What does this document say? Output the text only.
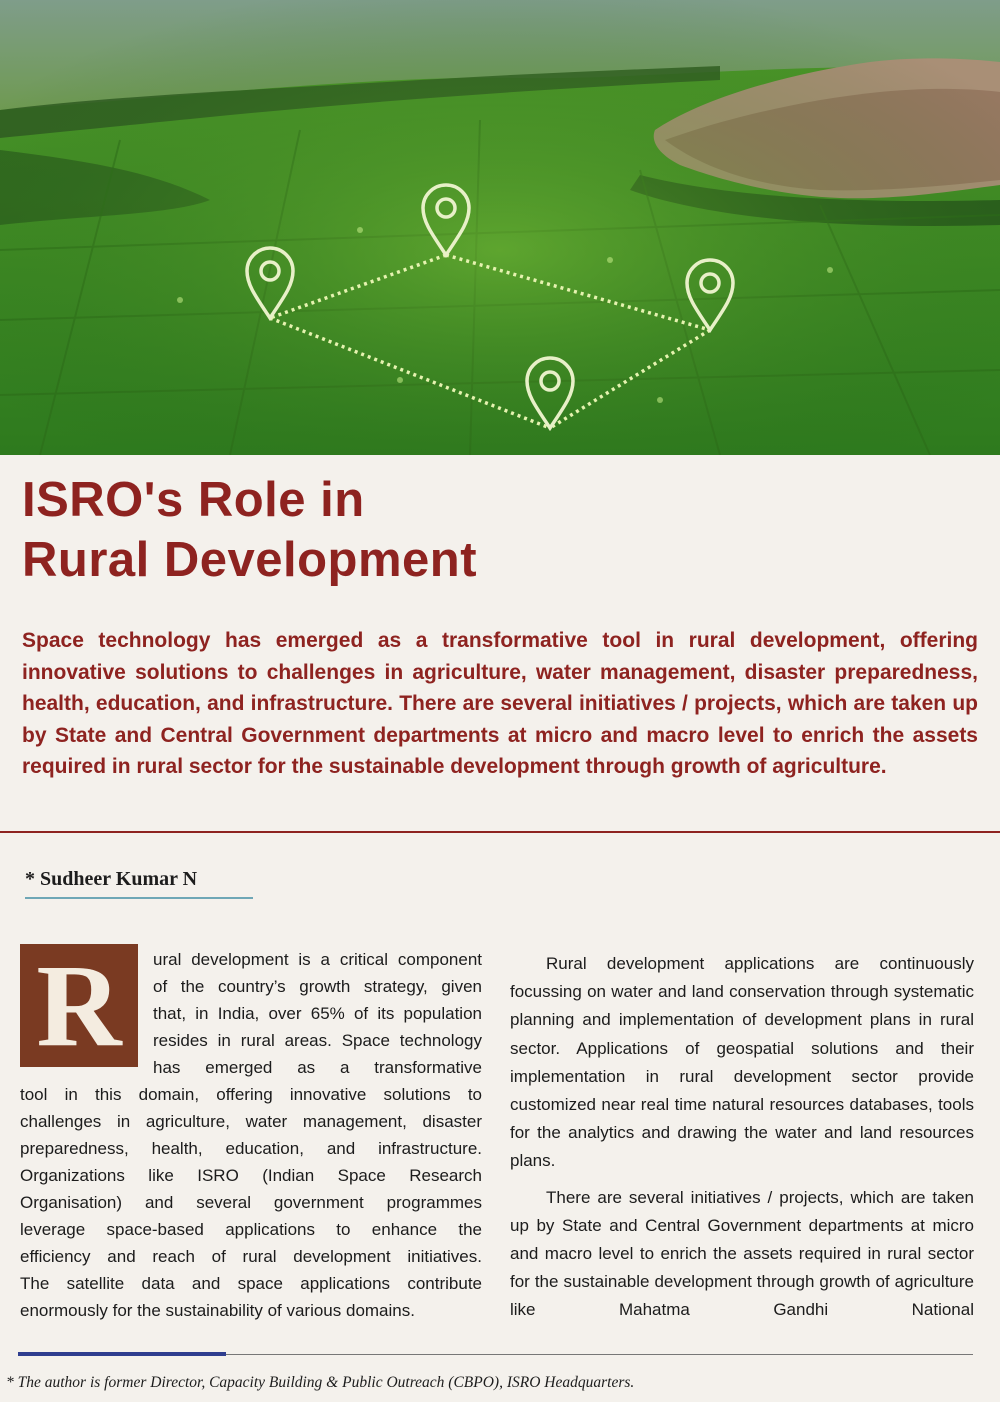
ISRO's Role in
Rural Development

Space technology has emerged as a transformative tool in rural development, offering innovative solutions to challenges in agriculture, water management, disaster preparedness, health, education, and infrastructure. There are several initiatives / projects, which are taken up by State and Central Government departments at micro and macro level to enrich the assets required in rural sector for the sustainable development through growth of agriculture.

* Sudheer Kumar N

R	ural development is a critical component

of the country’s growth strategy, given

that, in India, over 65% of its population

resides in rural areas. Space technology

has emerged as a transformative

tool in this domain, offering innovative solutions to

challenges in agriculture, water management, disaster

preparedness, health, education, and infrastructure.

Organizations like ISRO (Indian Space Research

Organisation) and several government programmes

leverage space-based applications to enhance the

efficiency and reach of rural development initiatives.

The satellite data and space applications contribute

enormously for the sustainability of various domains.

Rural development applications are continuously focussing on water and land conservation through systematic planning and implementation of development plans in rural sector. Applications of geospatial solutions and their implementation in rural development sector provide customized near real time natural resources databases, tools for the analytics and drawing the water and land resources plans.

There are several initiatives / projects, which are taken up by State and Central Government departments at micro and macro level to enrich the assets required in rural sector for the sustainable development through growth of agriculture like Mahatma Gandhi National

* The author is former Director, Capacity Building & Public Outreach (CBPO), ISRO Headquarters.
